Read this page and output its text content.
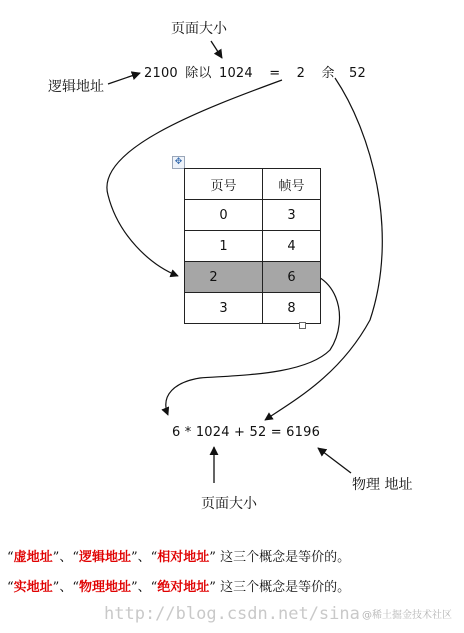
页面大小
逻辑地址
2100 除以 1024 = 2 余 52
✥
页号	帧号
0	3
1	4
2	6
3	8
6 * 1024 + 52 = 6196
页面大小
物理 地址
“虚地址”、“逻辑地址”、“相对地址” 这三个概念是等价的。
“实地址”、“物理地址”、“绝对地址” 这三个概念是等价的。
http://blog.csdn.net/sina @稀土掘金技术社区
